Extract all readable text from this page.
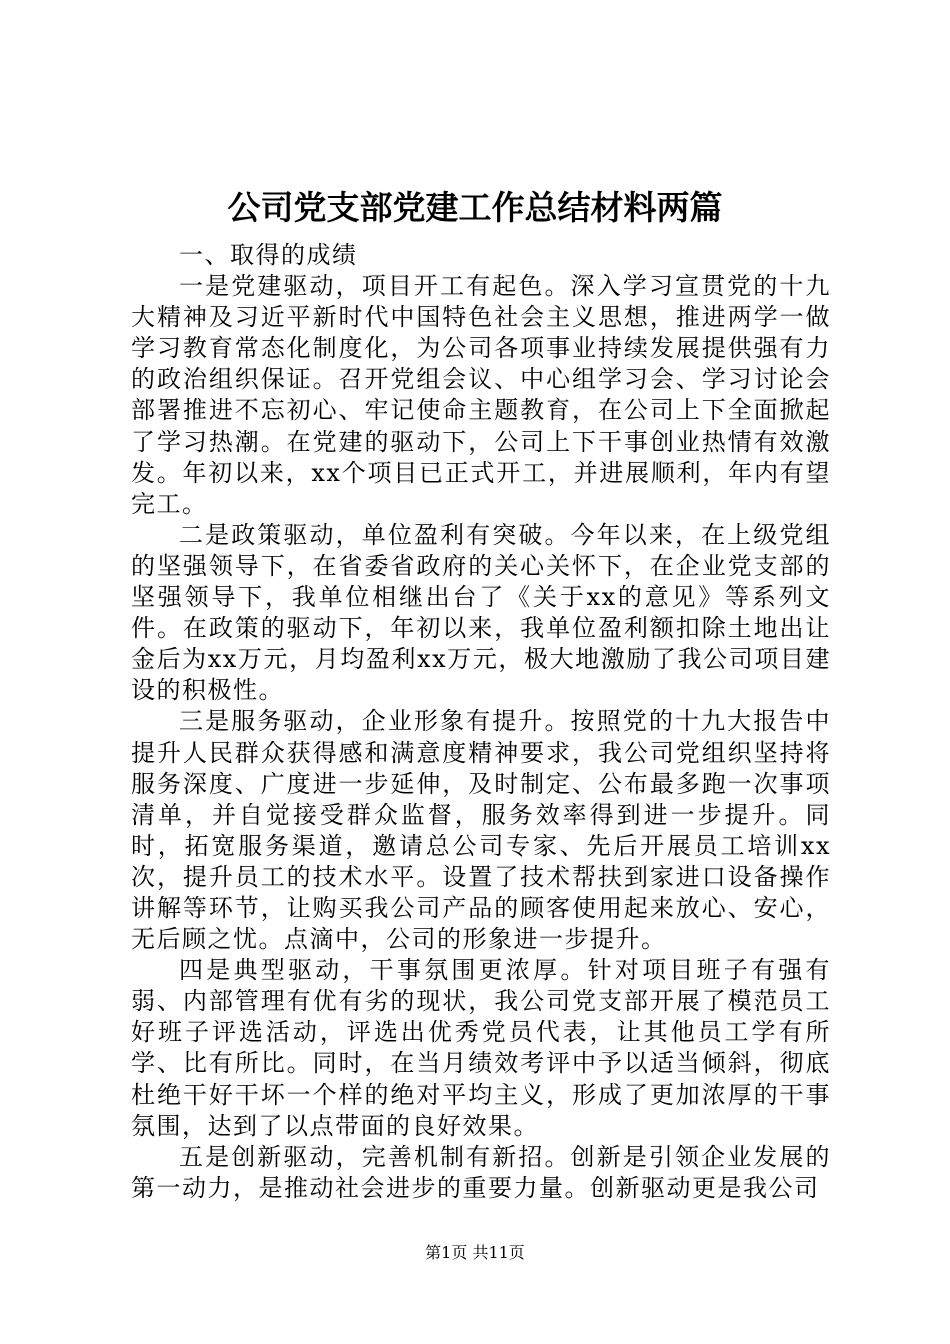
公司党支部党建工作总结材料两篇

一、取得的成绩

一是党建驱动，项目开工有起色。深入学习宣贯党的十九大精神及习近平新时代中国特色社会主义思想，推进两学一做学习教育常态化制度化，为公司各项事业持续发展提供强有力的政治组织保证。召开党组会议、中心组学习会、学习讨论会部署推进不忘初心、牢记使命主题教育，在公司上下全面掀起了学习热潮。在党建的驱动下，公司上下干事创业热情有效激发。年初以来，xx个项目已正式开工，并进展顺利，年内有望完工。

二是政策驱动，单位盈利有突破。今年以来，在上级党组的坚强领导下，在省委省政府的关心关怀下，在企业党支部的坚强领导下，我单位相继出台了《关于xx的意见》等系列文件。在政策的驱动下，年初以来，我单位盈利额扣除土地出让金后为xx万元，月均盈利xx万元，极大地激励了我公司项目建设的积极性。

三是服务驱动，企业形象有提升。按照党的十九大报告中提升人民群众获得感和满意度精神要求，我公司党组织坚持将服务深度、广度进一步延伸，及时制定、公布最多跑一次事项清单，并自觉接受群众监督，服务效率得到进一步提升。同时，拓宽服务渠道，邀请总公司专家、先后开展员工培训xx次，提升员工的技术水平。设置了技术帮扶到家进口设备操作讲解等环节，让购买我公司产品的顾客使用起来放心、安心，无后顾之忧。点滴中，公司的形象进一步提升。

四是典型驱动，干事氛围更浓厚。针对项目班子有强有弱、内部管理有优有劣的现状，我公司党支部开展了模范员工好班子评选活动，评选出优秀党员代表，让其他员工学有所学、比有所比。同时，在当月绩效考评中予以适当倾斜，彻底杜绝干好干坏一个样的绝对平均主义，形成了更加浓厚的干事氛围，达到了以点带面的良好效果。

五是创新驱动，完善机制有新招。创新是引领企业发展的第一动力，是推动社会进步的重要力量。创新驱动更是我公司

第1页 共11页
